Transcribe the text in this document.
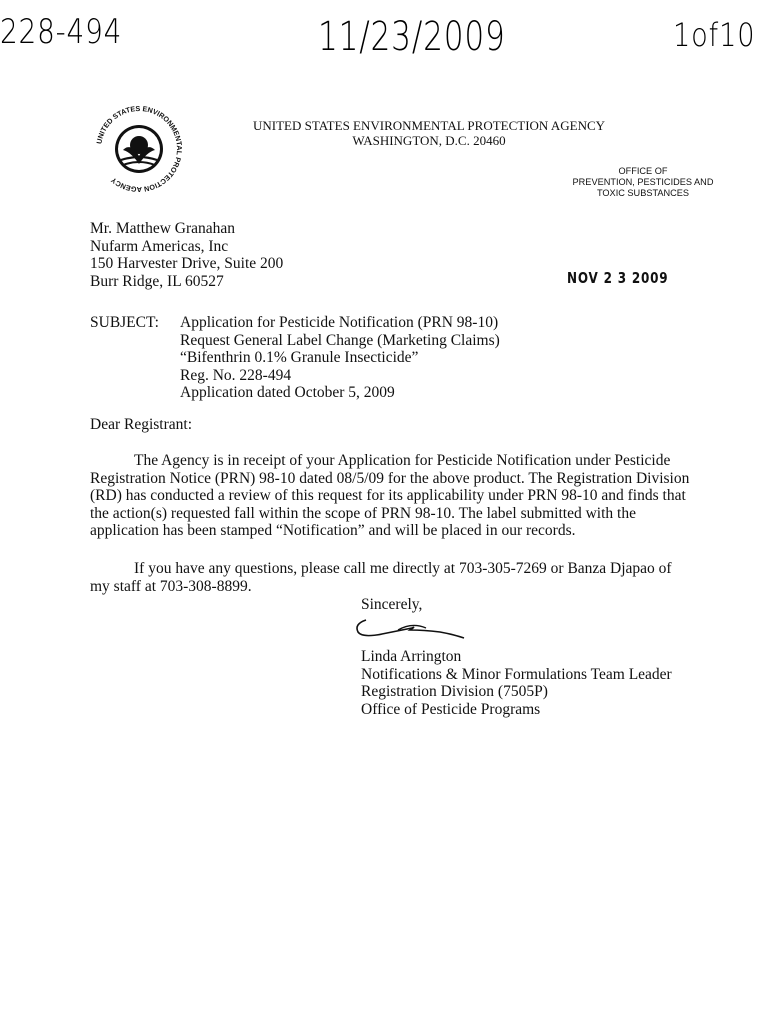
228-494	11/23/2009	1of10
UNITED STATES ENVIRONMENTAL PROTECTION AGENCY
UNITED STATES ENVIRONMENTAL PROTECTION AGENCY
WASHINGTON, D.C. 20460
OFFICE OF
PREVENTION, PESTICIDES AND
TOXIC SUBSTANCES
Mr. Matthew Granahan
Nufarm Americas, Inc
150 Harvester Drive, Suite 200
Burr Ridge, IL 60527	NOV 2 3 2009
SUBJECT: Application for Pesticide Notification (PRN 98-10)
Request General Label Change (Marketing Claims)
“Bifenthrin 0.1% Granule Insecticide”
Reg. No. 228-494
Application dated October 5, 2009
Dear Registrant:
The Agency is in receipt of your Application for Pesticide Notification under Pesticide
Registration Notice (PRN) 98-10 dated 08/5/09 for the above product. The Registration Division
(RD) has conducted a review of this request for its applicability under PRN 98-10 and finds that
the action(s) requested fall within the scope of PRN 98-10. The label submitted with the
application has been stamped “Notification” and will be placed in our records.
If you have any questions, please call me directly at 703-305-7269 or Banza Djapao of
my staff at 703-308-8899.
Sincerely,
Linda Arrington
Notifications & Minor Formulations Team Leader
Registration Division (7505P)
Office of Pesticide Programs
